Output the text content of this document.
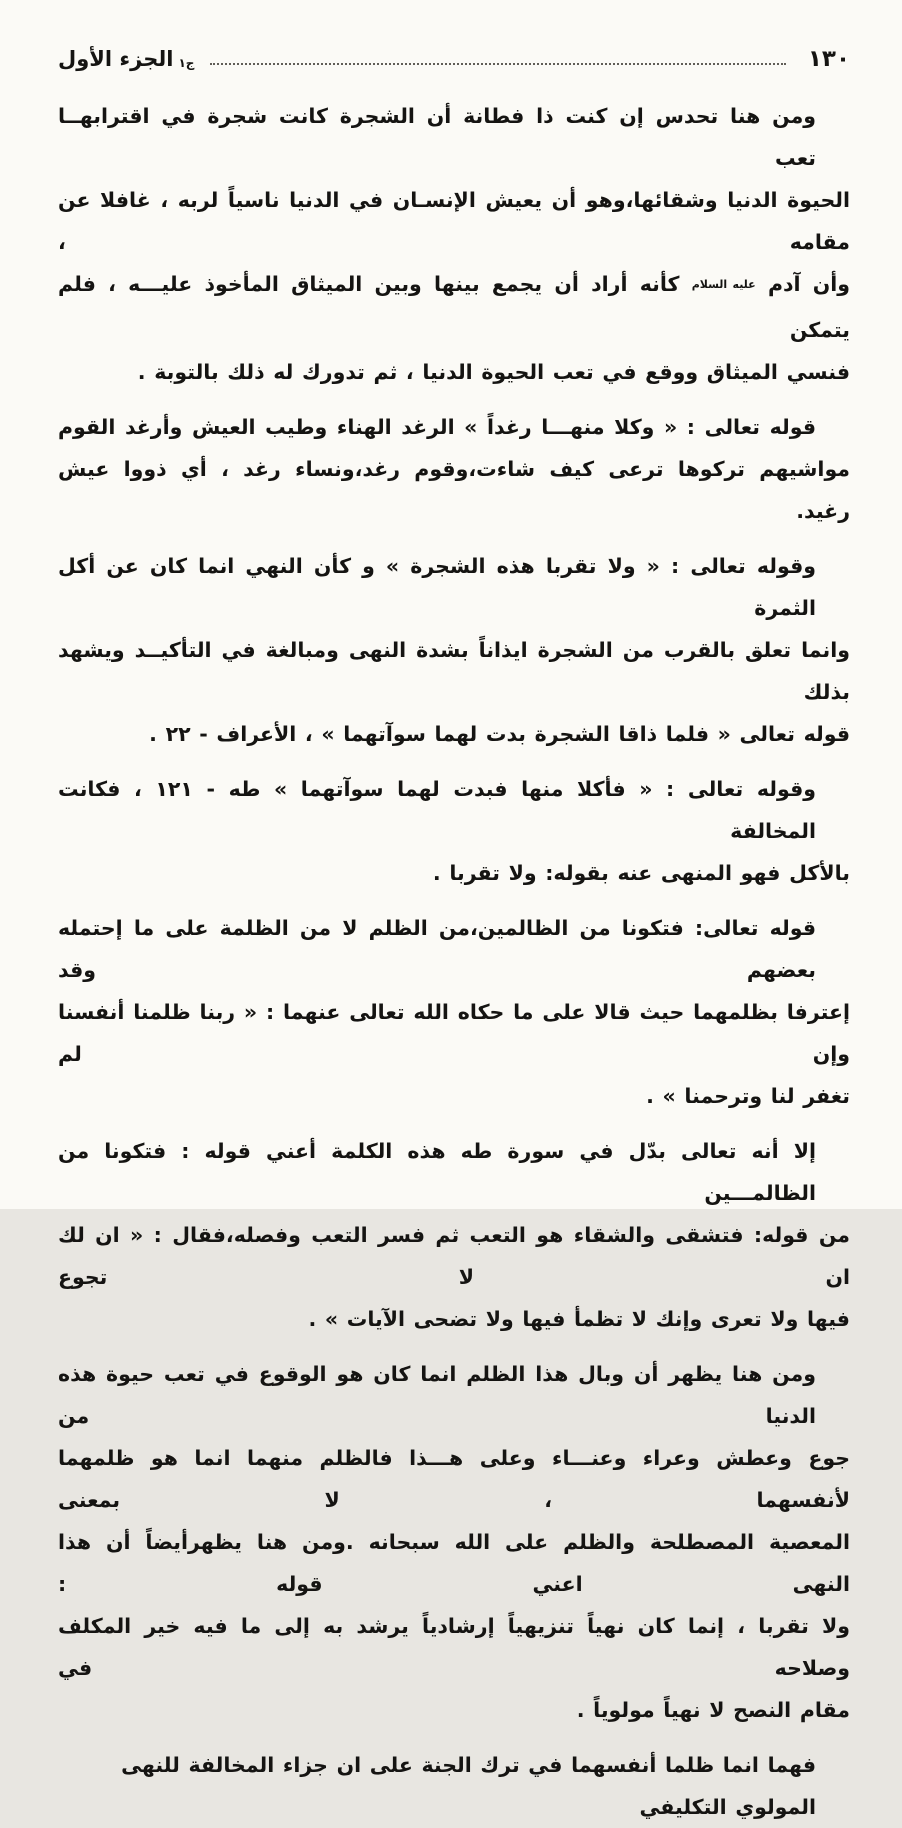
١٣٠
ج١
الجزء الأول
ومن هنا تحدس إن كنت ذا فطانة أن الشجرة كانت شجرة في اقترابهــا تعب
الحيوة الدنيا وشقائها،وهو أن يعيش الإنسـان في الدنيا ناسياً لربه ، غافلا عن مقامه ،
وأن آدم عليه السلام كأنه أراد أن يجمع بينها وبين الميثاق المأخوذ عليـــه ، فلم يتمكن
فنسي الميثاق ووقع في تعب الحيوة الدنيا ، ثم تدورك له ذلك بالتوبة .
قوله تعالى : « وكلا منهـــا رغداً » الرغد الهناء وطيب العيش وأرغد القوم
مواشيهم تركوها ترعى كيف شاءت،وقوم رغد،ونساء رغد ، أي ذووا عيش رغيد.
وقوله تعالى : « ولا تقربا هذه الشجرة » و كأن النهي انما كان عن أكل الثمرة
وانما تعلق بالقرب من الشجرة ايذاناً بشدة النهى ومبالغة في التأكيــد ويشهد بذلك
قوله تعالى « فلما ذاقا الشجرة بدت لهما سوآتهما » ، الأعراف - ٢٢ .
وقوله تعالى : « فأكلا منها فبدت لهما سوآتهما » طه - ١٢١ ، فكانت المخالفة
بالأكل فهو المنهى عنه بقوله: ولا تقربا .
قوله تعالى: فتكونا من الظالمين،من الظلم لا من الظلمة على ما إحتمله بعضهم وقد
إعترفا بظلمهما حيث قالا على ما حكاه الله تعالى عنهما : « ربنا ظلمنا أنفسنا وإن لم
تغفر لنا وترحمنا » .
إلا أنه تعالى بدّل في سورة طه هذه الكلمة أعني قوله : فتكونا من الظالمـــين
من قوله: فتشقى والشقاء هو التعب ثم فسر التعب وفصله،فقال : « ان لك ان لا تجوع
فيها ولا تعرى وإنك لا تظمأ فيها ولا تضحى الآيات » .
ومن هنا يظهر أن وبال هذا الظلم انما كان هو الوقوع في تعب حيوة هذه الدنيا من
جوع وعطش وعراء وعنـــاء وعلى هـــذا فالظلم منهما انما هو ظلمهما لأنفسهما ، لا بمعنى
المعصية المصطلحة والظلم على الله سبحانه .ومن هنا يظهرأيضاً أن هذا النهى اعني قوله :
ولا تقربا ، إنما كان نهياً تنزيهياً إرشادياً يرشد به إلى ما فيه خير المكلف وصلاحه في
مقام النصح لا نهياً مولوياً .
فهما انما ظلما أنفسهما في ترك الجنة على ان جزاء المخالفة للنهى المولوي التكليفي
